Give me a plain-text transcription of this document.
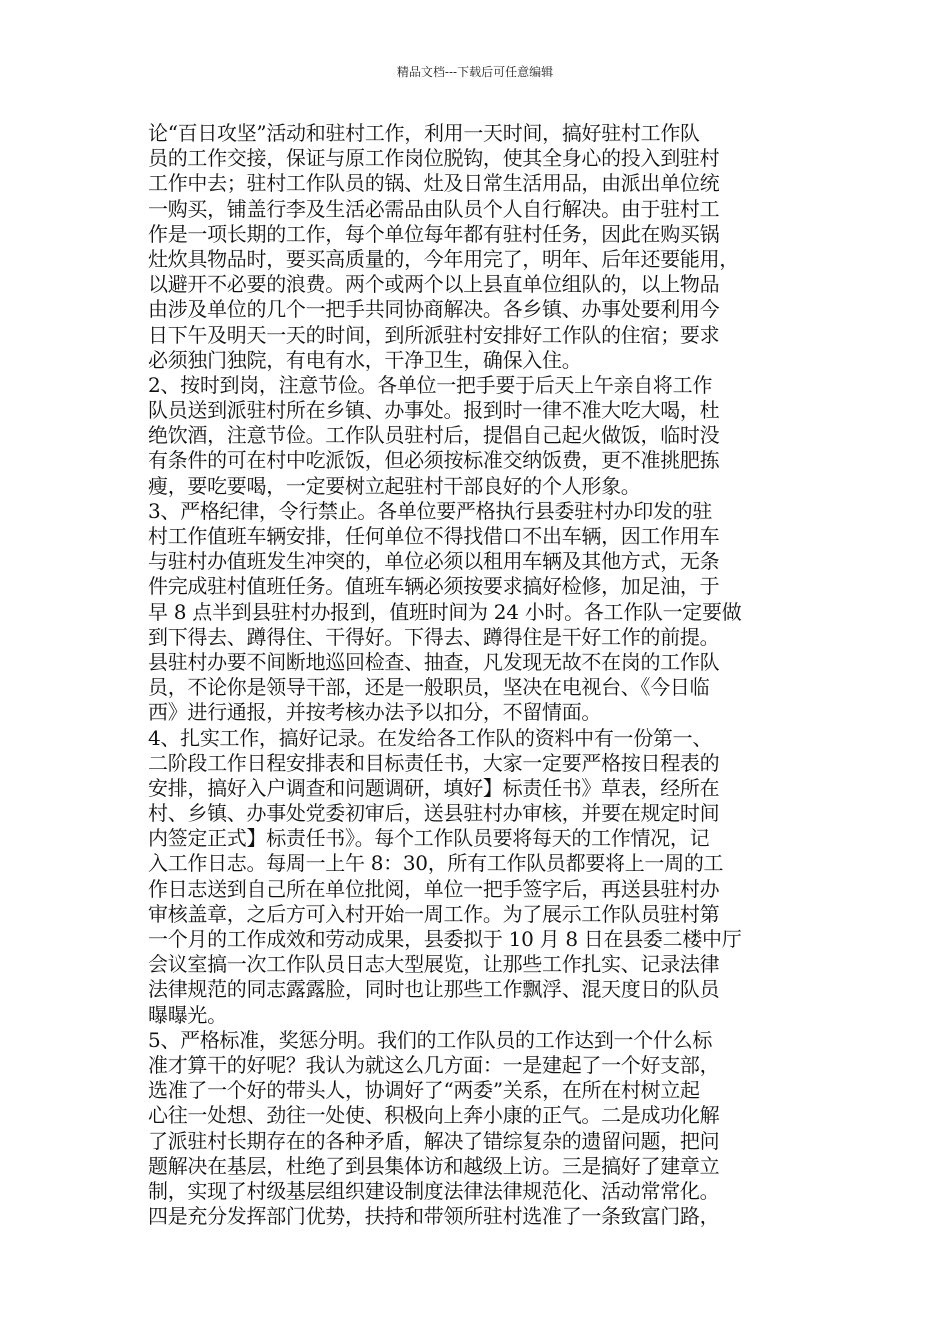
精品文档---下载后可任意编辑
论“百日攻坚”活动和驻村工作，利用一天时间，搞好驻村工作队
员的工作交接，保证与原工作岗位脱钩，使其全身心的投入到驻村
工作中去；驻村工作队员的锅、灶及日常生活用品，由派出单位统
一购买，铺盖行李及生活必需品由队员个人自行解决。由于驻村工
作是一项长期的工作，每个单位每年都有驻村任务，因此在购买锅
灶炊具物品时，要买高质量的，今年用完了，明年、后年还要能用，
以避开不必要的浪费。两个或两个以上县直单位组队的，以上物品
由涉及单位的几个一把手共同协商解决。各乡镇、办事处要利用今
日下午及明天一天的时间，到所派驻村安排好工作队的住宿；要求
必须独门独院，有电有水，干净卫生，确保入住。
2、按时到岗，注意节俭。各单位一把手要于后天上午亲自将工作
队员送到派驻村所在乡镇、办事处。报到时一律不准大吃大喝，杜
绝饮酒，注意节俭。工作队员驻村后，提倡自己起火做饭，临时没
有条件的可在村中吃派饭，但必须按标准交纳饭费，更不准挑肥拣
瘦，要吃要喝，一定要树立起驻村干部良好的个人形象。
3、严格纪律，令行禁止。各单位要严格执行县委驻村办印发的驻
村工作值班车辆安排，任何单位不得找借口不出车辆，因工作用车
与驻村办值班发生冲突的，单位必须以租用车辆及其他方式，无条
件完成驻村值班任务。值班车辆必须按要求搞好检修，加足油，于
早 8 点半到县驻村办报到，值班时间为 24 小时。各工作队一定要做
到下得去、蹲得住、干得好。下得去、蹲得住是干好工作的前提。
县驻村办要不间断地巡回检查、抽查，凡发现无故不在岗的工作队
员，不论你是领导干部，还是一般职员，坚决在电视台、《今日临
西》进行通报，并按考核办法予以扣分，不留情面。
4、扎实工作，搞好记录。在发给各工作队的资料中有一份第一、
二阶段工作日程安排表和目标责任书，大家一定要严格按日程表的
安排，搞好入户调查和问题调研，填好】标责任书》草表，经所在
村、乡镇、办事处党委初审后，送县驻村办审核，并要在规定时间
内签定正式】标责任书》。每个工作队员要将每天的工作情况，记
入工作日志。每周一上午 8：30，所有工作队员都要将上一周的工
作日志送到自己所在单位批阅，单位一把手签字后，再送县驻村办
审核盖章，之后方可入村开始一周工作。为了展示工作队员驻村第
一个月的工作成效和劳动成果，县委拟于 10 月 8 日在县委二楼中厅
会议室搞一次工作队员日志大型展览，让那些工作扎实、记录法律
法律规范的同志露露脸，同时也让那些工作飘浮、混天度日的队员
曝曝光。
5、严格标准，奖惩分明。我们的工作队员的工作达到一个什么标
准才算干的好呢？我认为就这么几方面：一是建起了一个好支部，
选准了一个好的带头人，协调好了“两委”关系，在所在村树立起
心往一处想、劲往一处使、积极向上奔小康的正气。二是成功化解
了派驻村长期存在的各种矛盾，解决了错综复杂的遗留问题，把问
题解决在基层，杜绝了到县集体访和越级上访。三是搞好了建章立
制，实现了村级基层组织建设制度法律法律规范化、活动常常化。
四是充分发挥部门优势，扶持和带领所驻村选准了一条致富门路，
